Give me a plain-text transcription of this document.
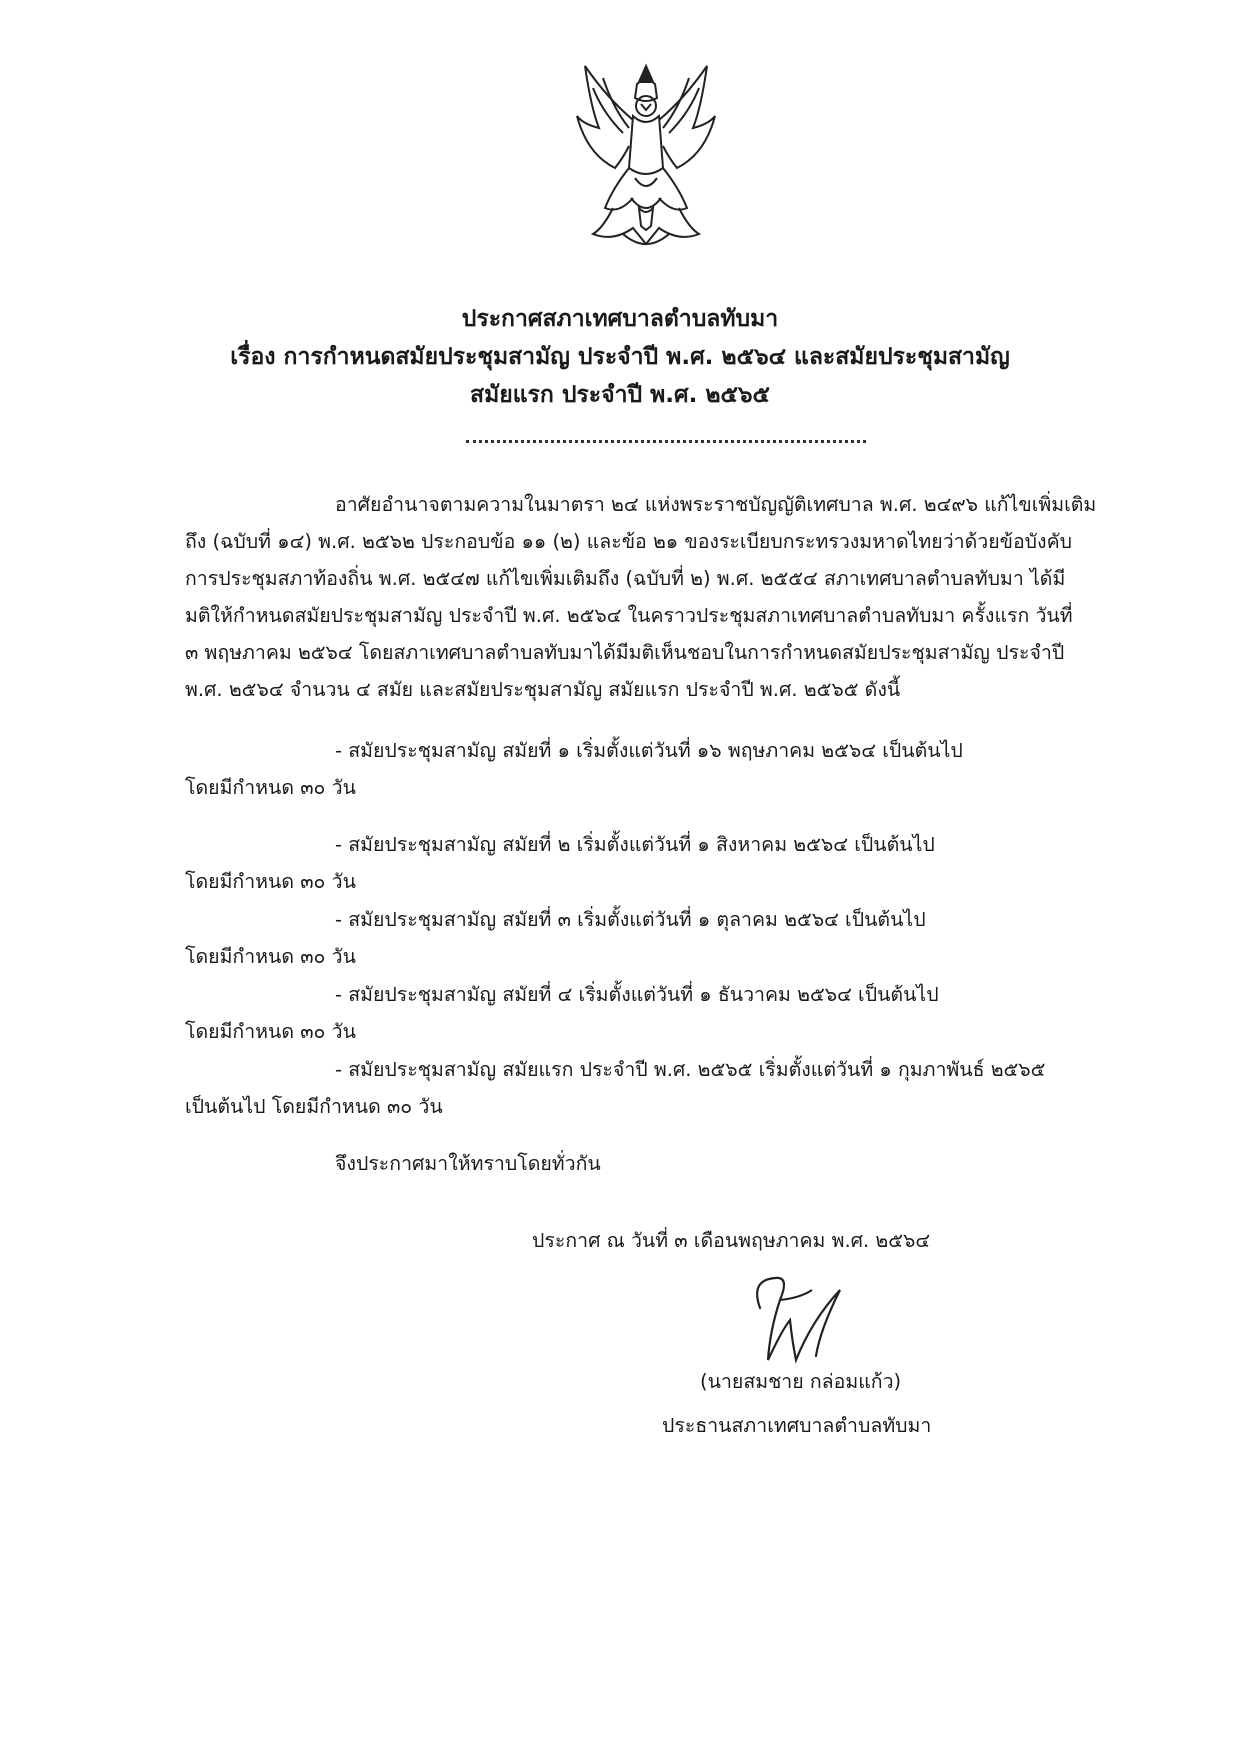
ประกาศสภาเทศบาลตำบลทับมา
เรื่อง การกำหนดสมัยประชุมสามัญ ประจำปี พ.ศ. ๒๕๖๔ และสมัยประชุมสามัญ
สมัยแรก ประจำปี พ.ศ. ๒๕๖๕
อาศัยอำนาจตามความในมาตรา ๒๔ แห่งพระราชบัญญัติเทศบาล พ.ศ. ๒๔๙๖ แก้ไขเพิ่มเติม
ถึง (ฉบับที่ ๑๔) พ.ศ. ๒๕๖๒ ประกอบข้อ ๑๑ (๒) และข้อ ๒๑ ของระเบียบกระทรวงมหาดไทยว่าด้วยข้อบังคับ
การประชุมสภาท้องถิ่น พ.ศ. ๒๕๔๗ แก้ไขเพิ่มเติมถึง (ฉบับที่ ๒) พ.ศ. ๒๕๕๔ สภาเทศบาลตำบลทับมา ได้มี
มติให้กำหนดสมัยประชุมสามัญ ประจำปี พ.ศ. ๒๕๖๔ ในคราวประชุมสภาเทศบาลตำบลทับมา ครั้งแรก วันที่
๓ พฤษภาคม ๒๕๖๔ โดยสภาเทศบาลตำบลทับมาได้มีมติเห็นชอบในการกำหนดสมัยประชุมสามัญ ประจำปี
พ.ศ. ๒๕๖๔ จำนวน ๔ สมัย และสมัยประชุมสามัญ สมัยแรก ประจำปี พ.ศ. ๒๕๖๕ ดังนี้
- สมัยประชุมสามัญ สมัยที่ ๑ เริ่มตั้งแต่วันที่ ๑๖ พฤษภาคม ๒๕๖๔ เป็นต้นไป
โดยมีกำหนด ๓๐ วัน
- สมัยประชุมสามัญ สมัยที่ ๒ เริ่มตั้งแต่วันที่ ๑ สิงหาคม ๒๕๖๔ เป็นต้นไป
โดยมีกำหนด ๓๐ วัน
- สมัยประชุมสามัญ สมัยที่ ๓ เริ่มตั้งแต่วันที่ ๑ ตุลาคม ๒๕๖๔ เป็นต้นไป
โดยมีกำหนด ๓๐ วัน
- สมัยประชุมสามัญ สมัยที่ ๔ เริ่มตั้งแต่วันที่ ๑ ธันวาคม ๒๕๖๔ เป็นต้นไป
โดยมีกำหนด ๓๐ วัน
- สมัยประชุมสามัญ สมัยแรก ประจำปี พ.ศ. ๒๕๖๕ เริ่มตั้งแต่วันที่ ๑ กุมภาพันธ์ ๒๕๖๕
เป็นต้นไป โดยมีกำหนด ๓๐ วัน
จึงประกาศมาให้ทราบโดยทั่วกัน
ประกาศ ณ วันที่ ๓ เดือนพฤษภาคม พ.ศ. ๒๕๖๔
(นายสมชาย กล่อมแก้ว)
ประธานสภาเทศบาลตำบลทับมา
